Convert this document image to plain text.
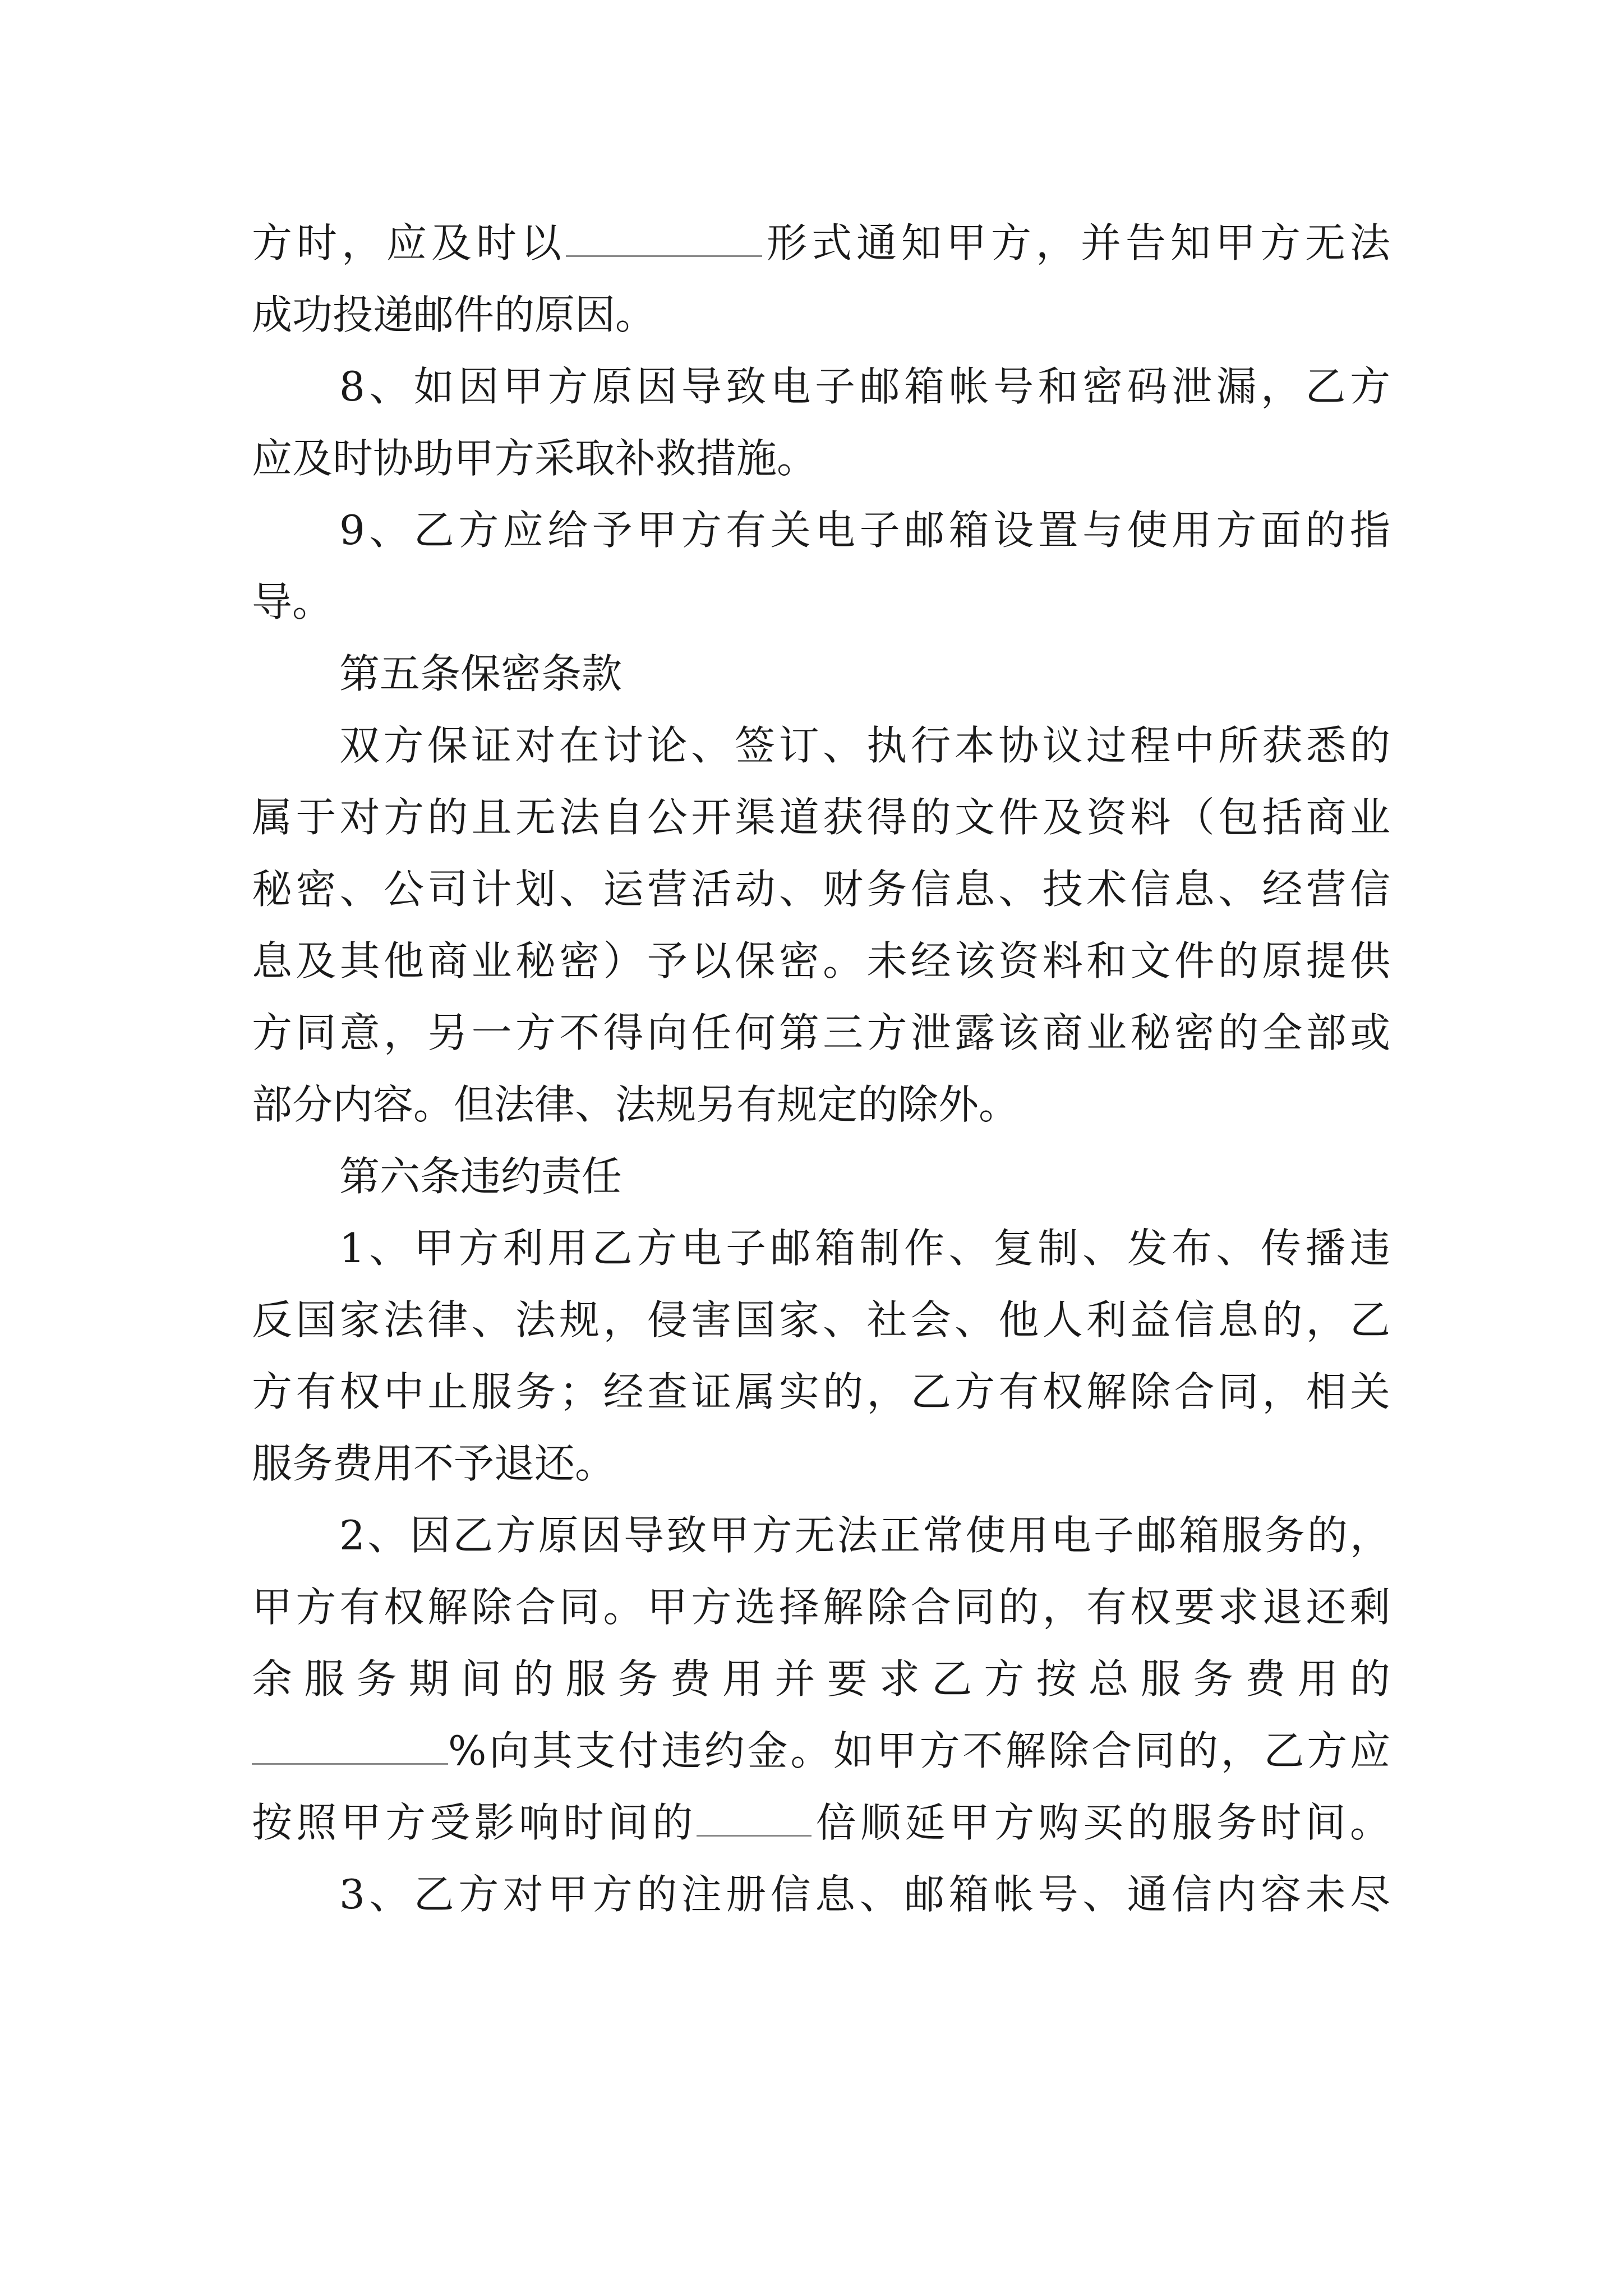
方时，应及时以	形式通知甲方，并告知甲方无法
成功投递邮件的原因。
8、如因甲方原因导致电子邮箱帐号和密码泄漏，乙方
应及时协助甲方采取补救措施。
9、乙方应给予甲方有关电子邮箱设置与使用方面的指
导。
第五条保密条款
双方保证对在讨论、签订、执行本协议过程中所获悉的
属于对方的且无法自公开渠道获得的文件及资料（包括商业
秘密、公司计划、运营活动、财务信息、技术信息、经营信
息及其他商业秘密）予以保密。未经该资料和文件的原提供
方同意，另一方不得向任何第三方泄露该商业秘密的全部或
部分内容。但法律、法规另有规定的除外。
第六条违约责任
1、甲方利用乙方电子邮箱制作、复制、发布、传播违
反国家法律、法规，侵害国家、社会、他人利益信息的，乙
方有权中止服务；经查证属实的，乙方有权解除合同，相关
服务费用不予退还。
2、因乙方原因导致甲方无法正常使用电子邮箱服务的，
甲方有权解除合同。甲方选择解除合同的，有权要求退还剩
余服务期间的服务费用并要求乙方按总服务费用的
%向其支付违约金。如甲方不解除合同的，乙方应
按照甲方受影响时间的	倍顺延甲方购买的服务时间。
3、乙方对甲方的注册信息、邮箱帐号、通信内容未尽
